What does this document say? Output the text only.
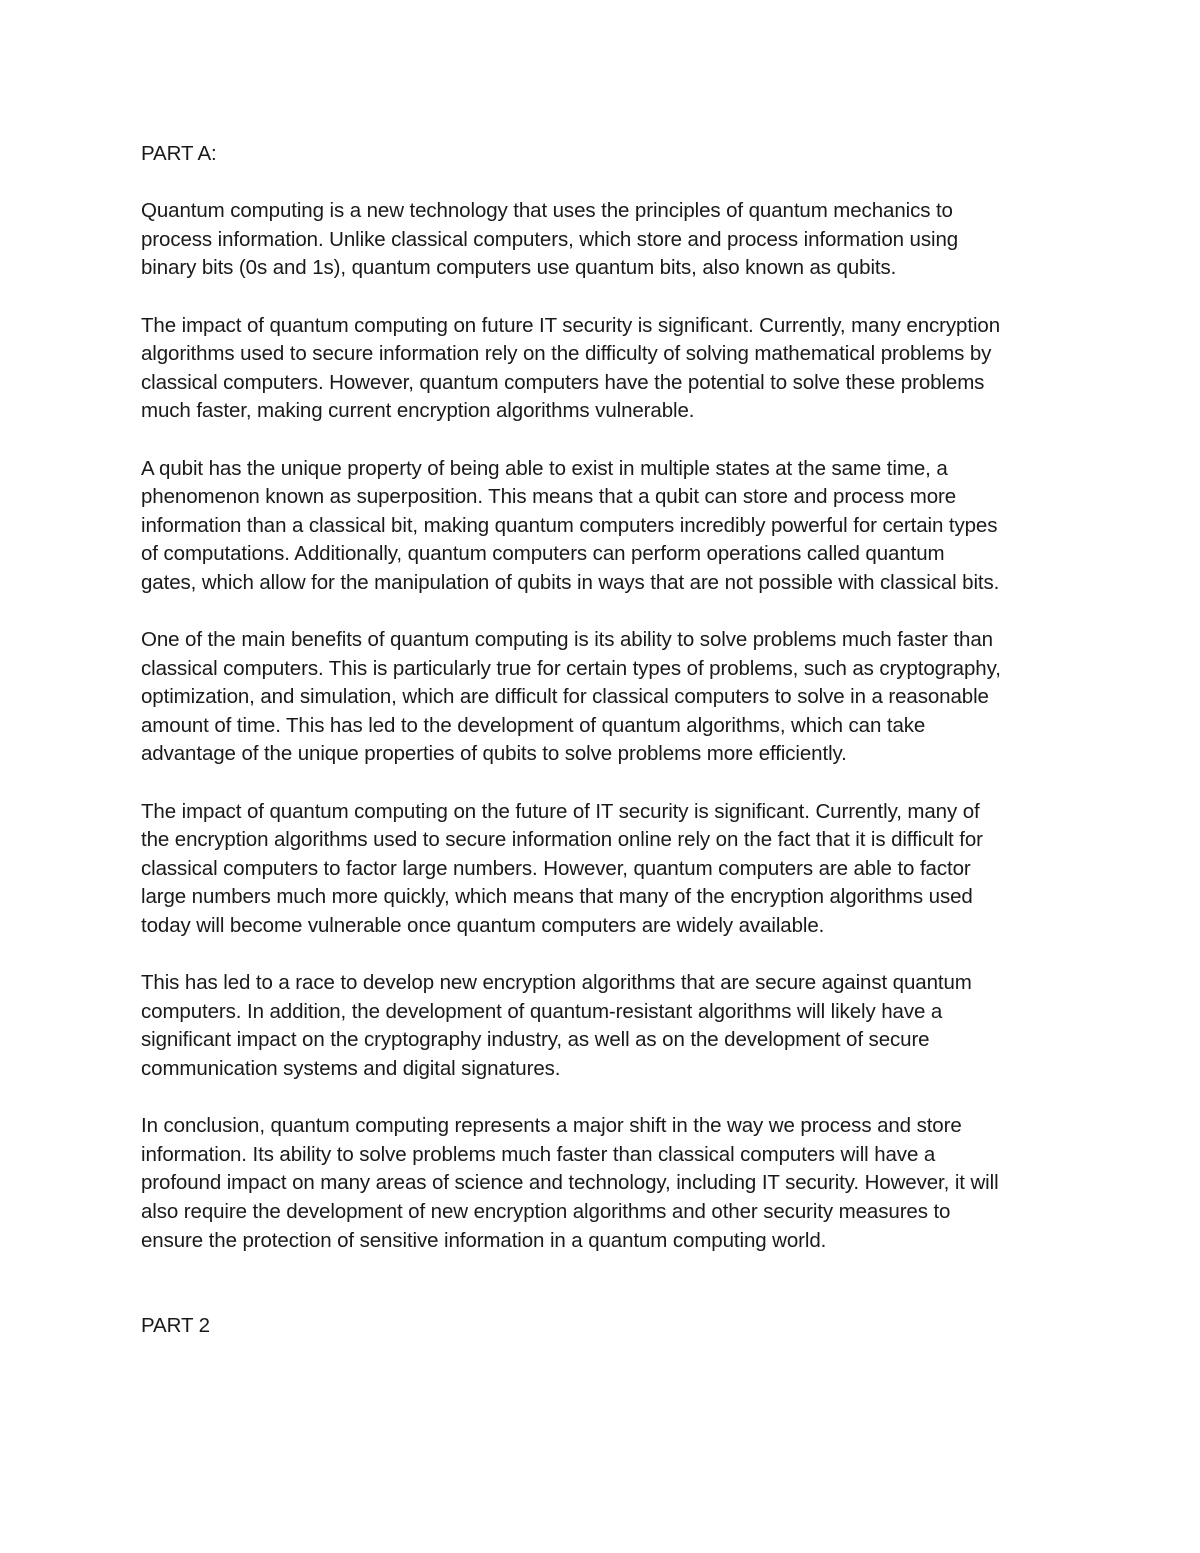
PART A:
Quantum computing is a new technology that uses the principles of quantum mechanics to
process information. Unlike classical computers, which store and process information using
binary bits (0s and 1s), quantum computers use quantum bits, also known as qubits.
The impact of quantum computing on future IT security is significant. Currently, many encryption
algorithms used to secure information rely on the difficulty of solving mathematical problems by
classical computers. However, quantum computers have the potential to solve these problems
much faster, making current encryption algorithms vulnerable.
A qubit has the unique property of being able to exist in multiple states at the same time, a
phenomenon known as superposition. This means that a qubit can store and process more
information than a classical bit, making quantum computers incredibly powerful for certain types
of computations. Additionally, quantum computers can perform operations called quantum
gates, which allow for the manipulation of qubits in ways that are not possible with classical bits.
One of the main benefits of quantum computing is its ability to solve problems much faster than
classical computers. This is particularly true for certain types of problems, such as cryptography,
optimization, and simulation, which are difficult for classical computers to solve in a reasonable
amount of time. This has led to the development of quantum algorithms, which can take
advantage of the unique properties of qubits to solve problems more efficiently.
The impact of quantum computing on the future of IT security is significant. Currently, many of
the encryption algorithms used to secure information online rely on the fact that it is difficult for
classical computers to factor large numbers. However, quantum computers are able to factor
large numbers much more quickly, which means that many of the encryption algorithms used
today will become vulnerable once quantum computers are widely available.
This has led to a race to develop new encryption algorithms that are secure against quantum
computers. In addition, the development of quantum-resistant algorithms will likely have a
significant impact on the cryptography industry, as well as on the development of secure
communication systems and digital signatures.
In conclusion, quantum computing represents a major shift in the way we process and store
information. Its ability to solve problems much faster than classical computers will have a
profound impact on many areas of science and technology, including IT security. However, it will
also require the development of new encryption algorithms and other security measures to
ensure the protection of sensitive information in a quantum computing world.
PART 2
